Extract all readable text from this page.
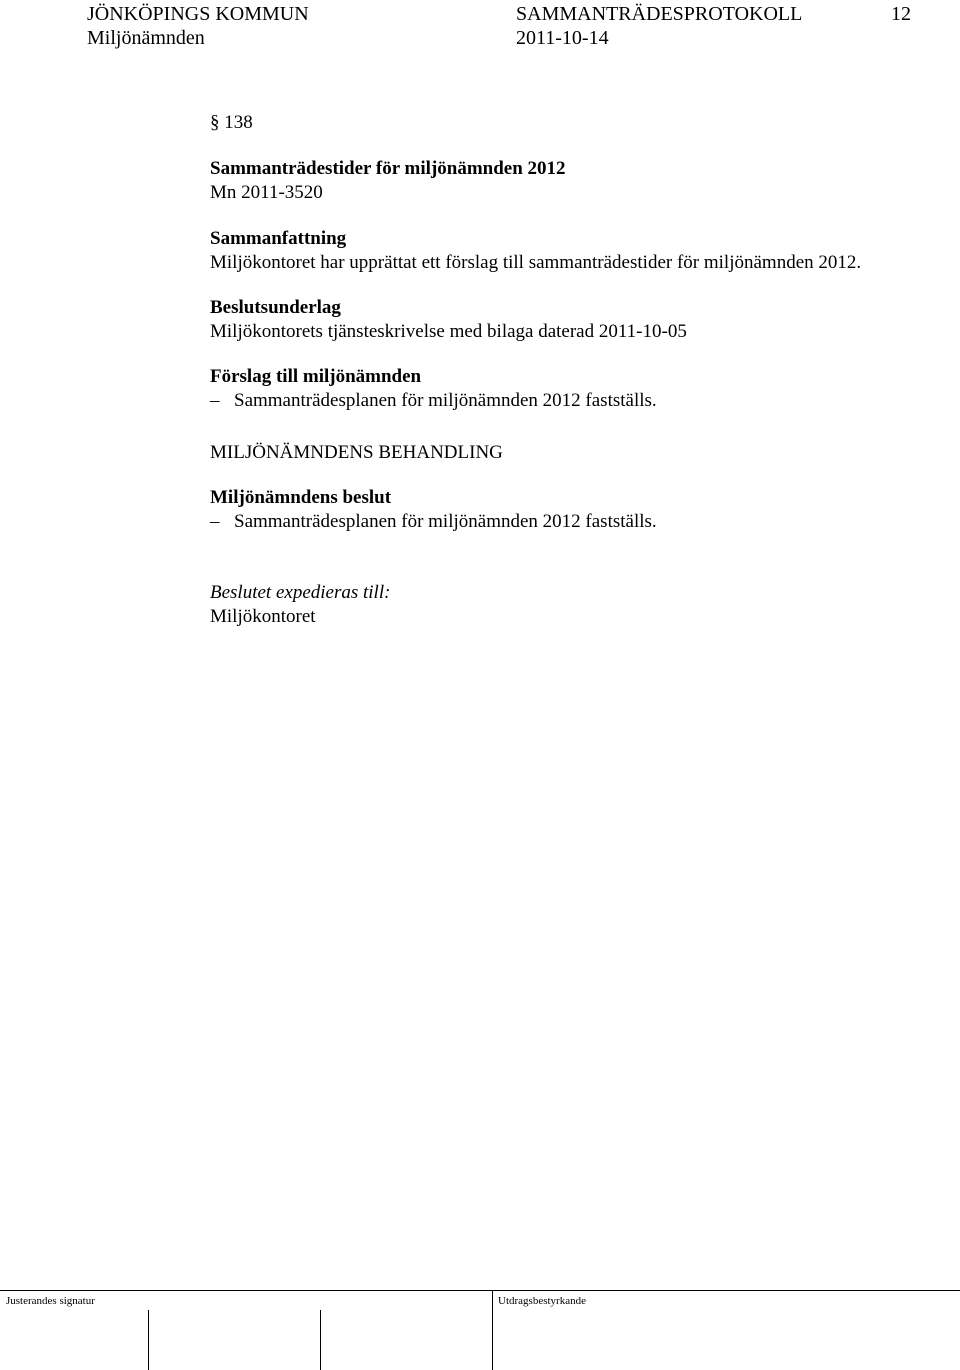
JÖNKÖPINGS KOMMUN	SAMMANTRÄDESPROTOKOLL	12
Miljönämnden	2011-10-14
§ 138
Sammanträdestider för miljönämnden 2012
Mn 2011-3520
Sammanfattning
Miljökontoret har upprättat ett förslag till sammanträdestider för miljönämnden 2012.
Beslutsunderlag
Miljökontorets tjänsteskrivelse med bilaga daterad 2011-10-05
Förslag till miljönämnden
– Sammanträdesplanen för miljönämnden 2012 fastställs.
MILJÖNÄMNDENS BEHANDLING
Miljönämndens beslut
– Sammanträdesplanen för miljönämnden 2012 fastställs.
Beslutet expedieras till:
Miljökontoret
Justerandes signatur	Utdragsbestyrkande
